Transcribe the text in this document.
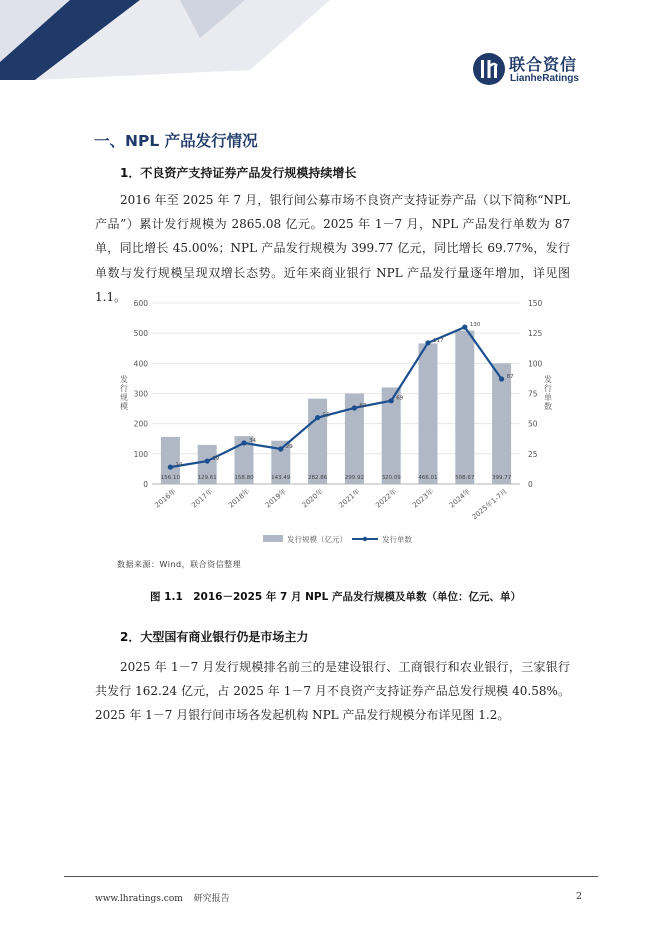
联合资信
LianheRatings
一、NPL 产品发行情况
1．不良资产支持证券产品发行规模持续增长
2016 年至 2025 年 7 月，银行间公募市场不良资产支持证券产品（以下简称“NPL 产品”）累计发行规模为 2865.08 亿元。2025 年 1－7 月，NPL 产品发行单数为 87 单，同比增长 45.00%；NPL 产品发行规模为 399.77 亿元，同比增长 69.77%，发行单数与发行规模呈现双增长态势。近年来商业银行 NPL 产品发行量逐年增加，详见图 1.1。
156.10	129.61	158.80	143.49	282.86	299.92	320.09	466.01	508.67	399.77
14
19
34
29
55
63
69
117
130
87
0
100
200
300
400
500
600
0
25
50
75
100
125
150
发行规模
发行单数
2016年 2017年 2018年 2019年 2020年 2021年 2022年 2023年 2024年
2025年1-7月
发行规模（亿元）	发行单数
数据来源：Wind，联合资信整理
图 1.1　2016－2025 年 7 月 NPL 产品发行规模及单数（单位：亿元、单）
2．大型国有商业银行仍是市场主力
2025 年 1－7 月发行规模排名前三的是建设银行、工商银行和农业银行，三家银行共发行 162.24 亿元，占 2025 年 1－7 月不良资产支持证券产品总发行规模 40.58%。2025 年 1－7 月银行间市场各发起机构 NPL 产品发行规模分布详见图 1.2。
www.lhratings.com 研究报告	2
